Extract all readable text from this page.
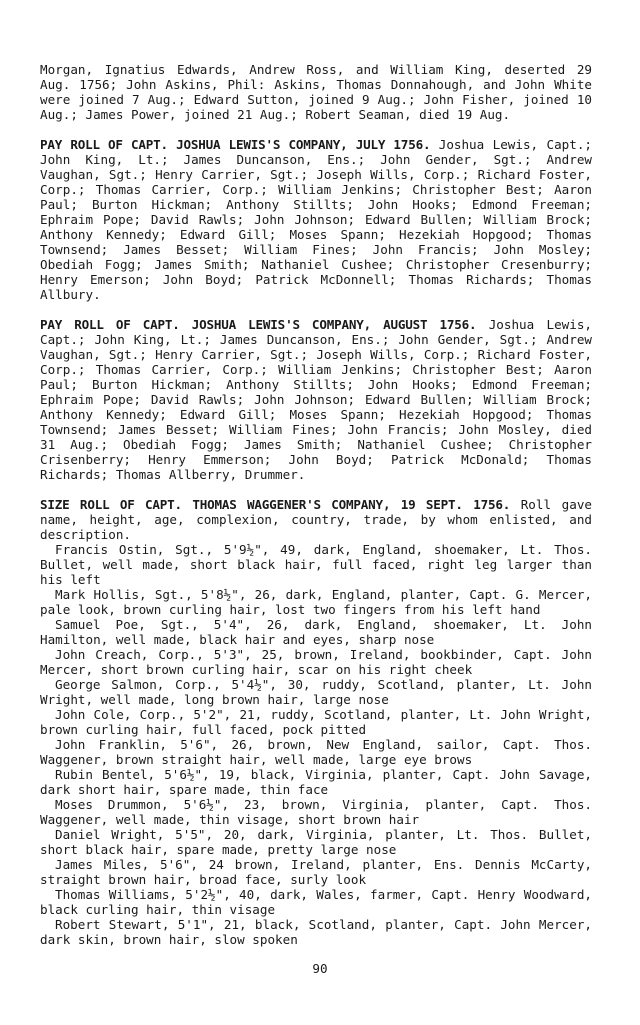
Morgan, Ignatius Edwards, Andrew Ross, and William King, deserted 29 Aug. 1756; John Askins, Phil: Askins, Thomas Donnahough, and John White were joined 7 Aug.; Edward Sutton, joined 9 Aug.; John Fisher, joined 10 Aug.; James Power, joined 21 Aug.; Robert Seaman, died 19 Aug.

PAY ROLL OF CAPT. JOSHUA LEWIS'S COMPANY, JULY 1756. Joshua Lewis, Capt.; John King, Lt.; James Duncanson, Ens.; John Gender, Sgt.; Andrew Vaughan, Sgt.; Henry Carrier, Sgt.; Joseph Wills, Corp.; Richard Foster, Corp.; Thomas Carrier, Corp.; William Jenkins; Christopher Best; Aaron Paul; Burton Hickman; Anthony Stillts; John Hooks; Edmond Freeman; Ephraim Pope; David Rawls; John Johnson; Edward Bullen; William Brock; Anthony Kennedy; Edward Gill; Moses Spann; Hezekiah Hopgood; Thomas Townsend; James Besset; William Fines; John Francis; John Mosley; Obediah Fogg; James Smith; Nathaniel Cushee; Christopher Cresenburry; Henry Emerson; John Boyd; Patrick McDonnell; Thomas Richards; Thomas Allbury.

PAY ROLL OF CAPT. JOSHUA LEWIS'S COMPANY, AUGUST 1756. Joshua Lewis, Capt.; John King, Lt.; James Duncanson, Ens.; John Gender, Sgt.; Andrew Vaughan, Sgt.; Henry Carrier, Sgt.; Joseph Wills, Corp.; Richard Foster, Corp.; Thomas Carrier, Corp.; William Jenkins; Christopher Best; Aaron Paul; Burton Hickman; Anthony Stillts; John Hooks; Edmond Freeman; Ephraim Pope; David Rawls; John Johnson; Edward Bullen; William Brock; Anthony Kennedy; Edward Gill; Moses Spann; Hezekiah Hopgood; Thomas Townsend; James Besset; William Fines; John Francis; John Mosley, died 31 Aug.; Obediah Fogg; James Smith; Nathaniel Cushee; Christopher Crisenberry; Henry Emmerson; John Boyd; Patrick McDonald; Thomas Richards; Thomas Allberry, Drummer.

SIZE ROLL OF CAPT. THOMAS WAGGENER'S COMPANY, 19 SEPT. 1756. Roll gave name, height, age, complexion, country, trade, by whom enlisted, and description.

Francis Ostin, Sgt., 5'9½", 49, dark, England, shoemaker, Lt. Thos. Bullet, well made, short black hair, full faced, right leg larger than his left

Mark Hollis, Sgt., 5'8½", 26, dark, England, planter, Capt. G. Mercer, pale look, brown curling hair, lost two fingers from his left hand

Samuel Poe, Sgt., 5'4", 26, dark, England, shoemaker, Lt. John Hamilton, well made, black hair and eyes, sharp nose

John Creach, Corp., 5'3", 25, brown, Ireland, bookbinder, Capt. John Mercer, short brown curling hair, scar on his right cheek

George Salmon, Corp., 5'4½", 30, ruddy, Scotland, planter, Lt. John Wright, well made, long brown hair, large nose

John Cole, Corp., 5'2", 21, ruddy, Scotland, planter, Lt. John Wright, brown curling hair, full faced, pock pitted

John Franklin, 5'6", 26, brown, New England, sailor, Capt. Thos. Waggener, brown straight hair, well made, large eye brows

Rubin Bentel, 5'6½", 19, black, Virginia, planter, Capt. John Savage, dark short hair, spare made, thin face

Moses Drummon, 5'6½", 23, brown, Virginia, planter, Capt. Thos. Waggener, well made, thin visage, short brown hair

Daniel Wright, 5'5", 20, dark, Virginia, planter, Lt. Thos. Bullet, short black hair, spare made, pretty large nose

James Miles, 5'6", 24 brown, Ireland, planter, Ens. Dennis McCarty, straight brown hair, broad face, surly look

Thomas Williams, 5'2½", 40, dark, Wales, farmer, Capt. Henry Woodward, black curling hair, thin visage

Robert Stewart, 5'1", 21, black, Scotland, planter, Capt. John Mercer, dark skin, brown hair, slow spoken

90
